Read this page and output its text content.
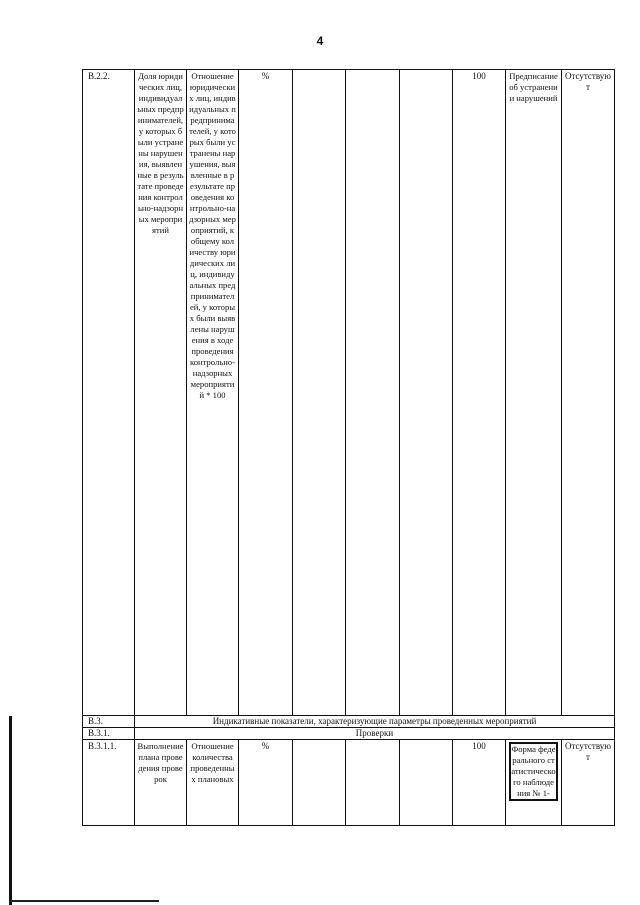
4
В.2.2.	Доля юридических лиц, индивидуальных предпринимателей, у которых были устранены нарушения, выявленные в результате проведения контрольно-надзорных мероприятий	Отношение юридических лиц, индивидуальных предпринимателей, у которых были устранены нарушения, выявленные в результате проведения контрольно-надзорных мероприятий, к общему количеству юридических лиц, индивидуальных предпринимателей, у которых были выявлены нарушения в ходе проведения контрольно-надзорных мероприятий * 100	%				100	Предписание об устранении нарушений	Отсутствуют
В.3.	Индикативные показатели, характеризующие параметры проведенных мероприятий								
В.3.1.	Проверки								
В.3.1.1.	Выполнение плана проведения проверок	Отношение количества проведенных плановых	%				100	Форма федерального статистического наблюдения № 1-	Отсутствуют
